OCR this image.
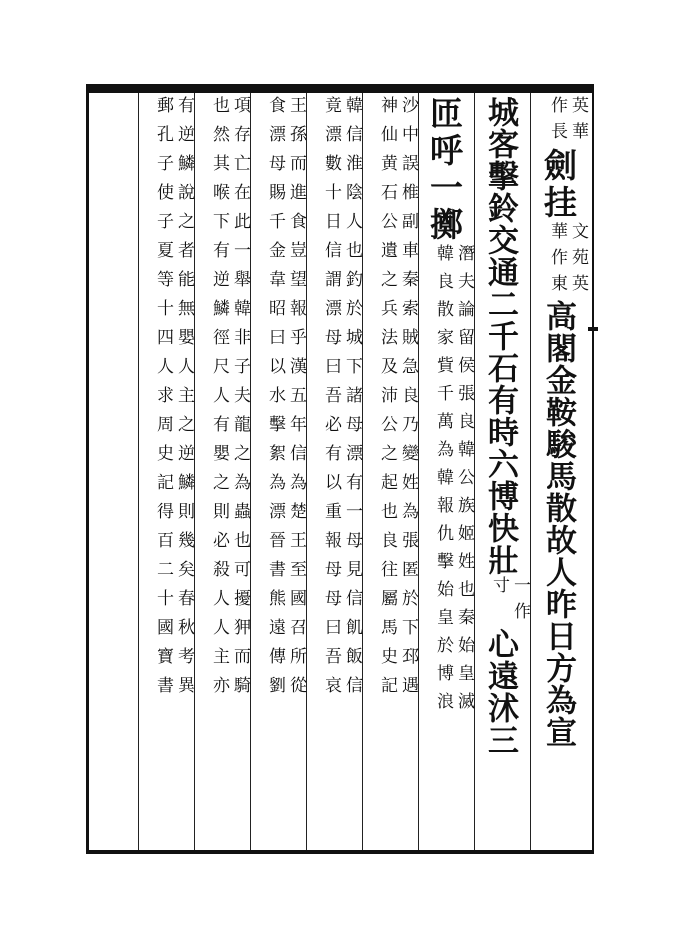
英華
作長
劍挂
文苑英
華作東
高閣金鞍駿馬散故人昨日方為宣
城客擊鈴交通二千石有時六博快壯
一作
寸
心遠沭三
匝呼一擲
潛夫論留侯張良韓公族姬姓也秦始皇滅
韓良散家貲千萬為韓報仇擊始皇於博浪
沙中誤椎副車秦索賊急良乃變姓為張匿於下邳遇
神仙黄石公遺之兵法及沛公之起也良往屬馬史記
韓信淮陰人也釣於城下諸母漂有一母見信飢飯信
竟漂數十日信謂漂母曰吾必有以重報母母曰吾哀
王孫而進食豈望報乎漢五年信為楚王至國召所從
食漂母賜千金韋昭曰以水擊絮為漂晉書熊遠傳劉
項存亡在此一舉韓非子夫龍之為蟲也可擾狎而騎
也然其喉下有逆鱗徑尺人有嬰之則必殺人人主亦
有逆鱗說之者能無嬰人主之逆鱗則幾矣春秋考異
郵孔子使子夏等十四人求周史記得百二十國寶書
